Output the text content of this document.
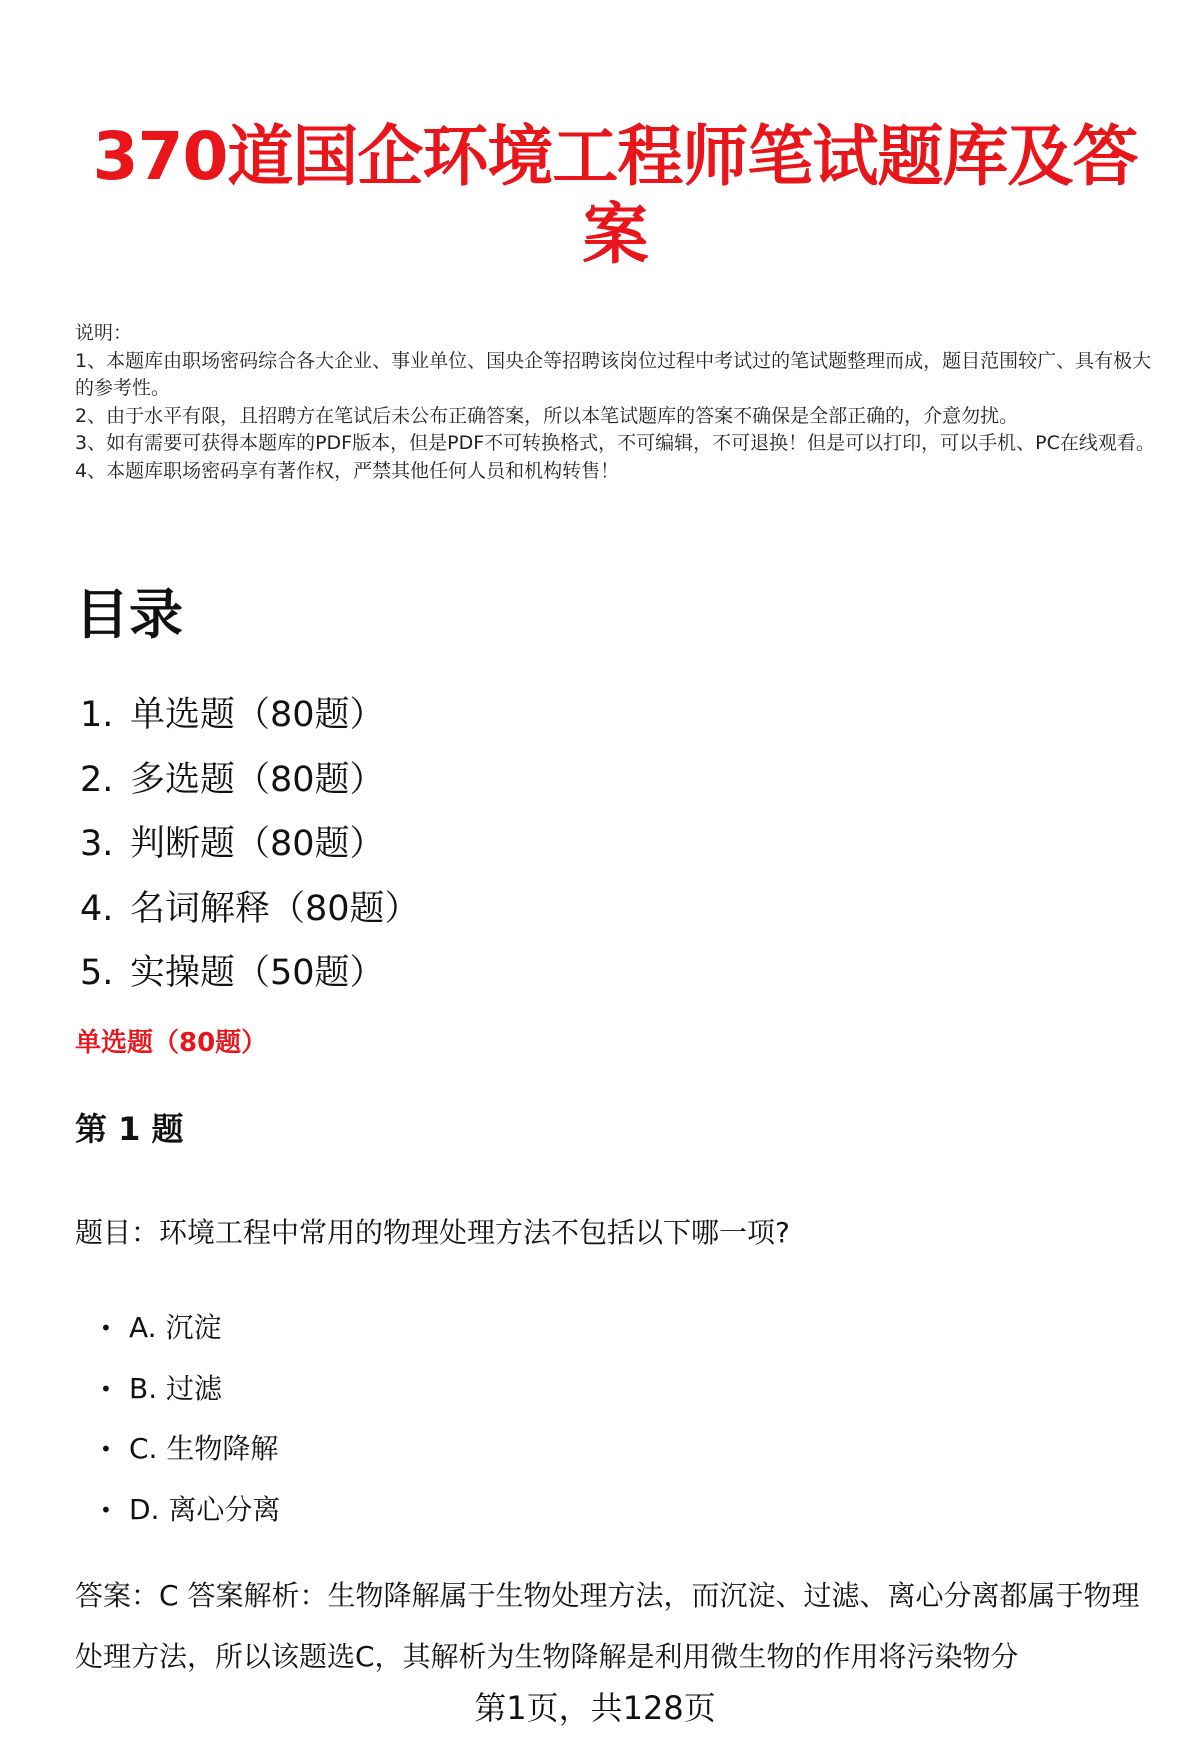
370道国企环境工程师笔试题库及答案
说明：
1、本题库由职场密码综合各大企业、事业单位、国央企等招聘该岗位过程中考试过的笔试题整理而成，题目范围较广、具有极大的参考性。
2、由于水平有限，且招聘方在笔试后未公布正确答案，所以本笔试题库的答案不确保是全部正确的，介意勿扰。
3、如有需要可获得本题库的PDF版本，但是PDF不可转换格式，不可编辑，不可退换！但是可以打印，可以手机、PC在线观看。
4、本题库职场密码享有著作权，严禁其他任何人员和机构转售！
目录
1. 单选题（80题）
2. 多选题（80题）
3. 判断题（80题）
4. 名词解释（80题）
5. 实操题（50题）
单选题（80题）
第 1 题
题目：环境工程中常用的物理处理方法不包括以下哪一项?
• A. 沉淀
• B. 过滤
• C. 生物降解
• D. 离心分离
答案：C 答案解析：生物降解属于生物处理方法，而沉淀、过滤、离心分离都属于物理处理方法，所以该题选C，其解析为生物降解是利用微生物的作用将污染物分
第1页，共128页
